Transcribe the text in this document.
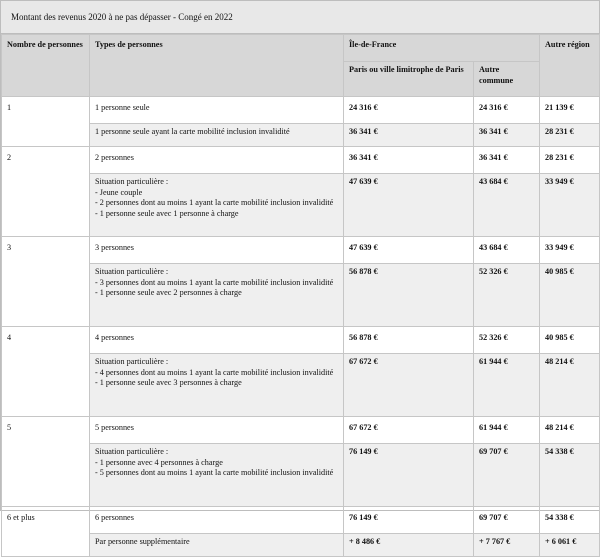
Montant des revenus 2020 à ne pas dépasser - Congé en 2022
Nombre de personnes	Types de personnes	Île-de-France		Autre région
		Paris ou ville limitrophe de Paris	Autre commune	
1	1 personne seule	24 316 €	24 316 €	21 139 €
	1 personne seule ayant la carte mobilité inclusion invalidité	36 341 €	36 341 €	28 231 €
2	2 personnes	36 341 €	36 341 €	28 231 €

	Situation particulière :
- Jeune couple
- 2 personnes dont au moins 1 ayant la carte mobilité inclusion invalidité
- 1 personne seule avec 1 personne à charge	47 639 €	43 684 €	33 949 €
3	3 personnes	47 639 €	43 684 €	33 949 €

	Situation particulière :
- 3 personnes dont au moins 1 ayant la carte mobilité inclusion invalidité
- 1 personne seule avec 2 personnes à charge	56 878 €	52 326 €	40 985 €
4	4 personnes	56 878 €	52 326 €	40 985 €

	Situation particulière :
- 4 personnes dont au moins 1 ayant la carte mobilité inclusion invalidité
- 1 personne seule avec 3 personnes à charge	67 672 €	61 944 €	48 214 €
5	5 personnes	67 672 €	61 944 €	48 214 €

	Situation particulière :
- 1 personne avec 4 personnes à charge
- 5 personnes dont au moins 1 ayant la carte mobilité inclusion invalidité	76 149 €	69 707 €	54 338 €
6 et plus	6 personnes	76 149 €	69 707 €	54 338 €
	Par personne supplémentaire	+ 8 486 €	+ 7 767 €	+ 6 061 €
